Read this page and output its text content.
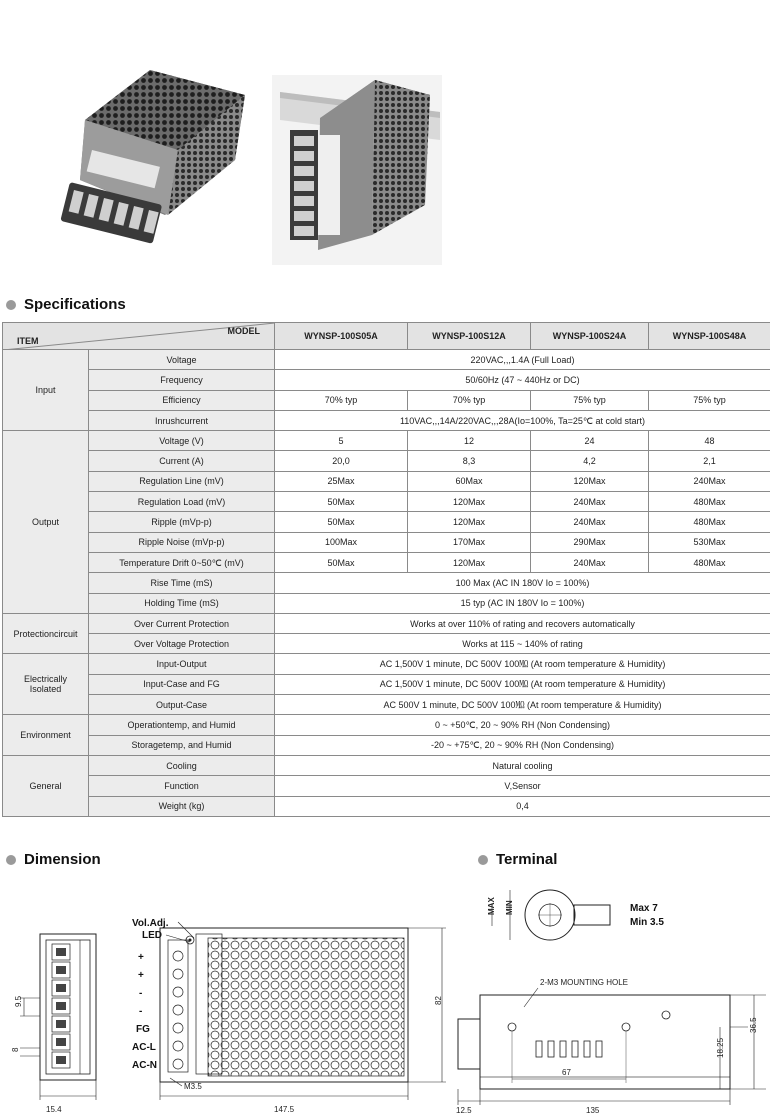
Specifications
MODEL
ITEM		WYNSP-100S05A	WYNSP-100S12A	WYNSP-100S24A	WYNSP-100S48A
Input	Voltage	220VAC,,,1.4A (Full Load)			
	Frequency	50/60Hz (47 ~ 440Hz or DC)			
	Efficiency	70% typ	70% typ	75% typ	75% typ
	Inrushcurrent	110VAC,,,14A/220VAC,,,28A(Io=100%, Ta=25℃ at cold start)			
Output	Voltage (V)	5	12	24	48
	Current (A)	20,0	8,3	4,2	2,1
	Regulation Line (mV)	25Max	60Max	120Max	240Max
	Regulation Load (mV)	50Max	120Max	240Max	480Max
	Ripple (mVp-p)	50Max	120Max	240Max	480Max
	Ripple Noise (mVp-p)	100Max	170Max	290Max	530Max
	Temperature Drift 0~50℃ (mV)	50Max	120Max	240Max	480Max
	Rise Time (mS)	100 Max (AC IN 180V Io = 100%)			
	Holding Time (mS)	15 typ (AC IN 180V Io = 100%)			
Protectioncircuit	Over Current Protection	Works at over 110% of rating and recovers automatically			
	Over Voltage Protection	Works at 115 ~ 140% of rating			
Electrically Isolated	Input-Output	AC 1,500V 1 minute, DC 500V 100㏁ (At room temperature & Humidity)			
	Input-Case and FG	AC 1,500V 1 minute, DC 500V 100㏁ (At room temperature & Humidity)			
	Output-Case	AC 500V 1 minute, DC 500V 100㏁ (At room temperature & Humidity)			
Environment	Operationtemp, and Humid	0 ~ +50℃, 20 ~ 90% RH (Non Condensing)			
	Storagetemp, and Humid	-20 ~ +75℃, 20 ~ 90% RH (Non Condensing)			
General	Cooling	Natural cooling			
	Function	V,Sensor			
	Weight (kg)	0,4			
Dimension	Terminal
9.5
8
15.4
Vol.Adj.
LED
+
+
-
-
FG
AC-L
AC-N
82
M3.5
147.5
MIN
MAX	Max 7
Min 3.5
2-M3 MOUNTING HOLE
67
12.5	135
18.25
36.5
